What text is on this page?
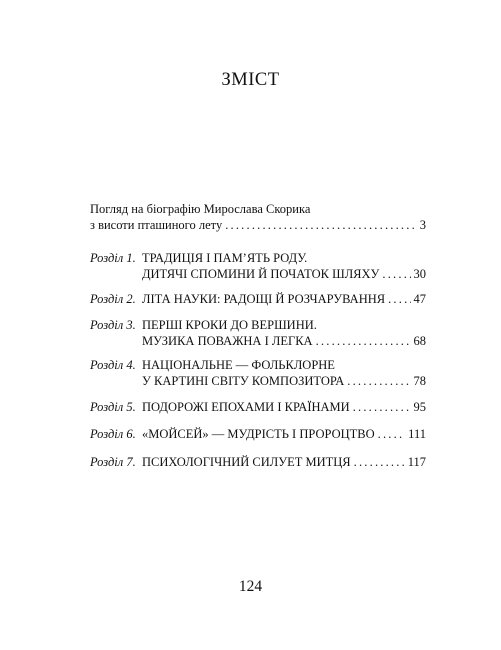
ЗМІСТ
Погляд на біографію Мирослава Скорика
з висоти пташиного лету .....	3
Розділ 1. ТРАДИЦІЯ І ПАМ’ЯТЬ РОДУ.
ДИТЯЧІ СПОМИНИ Й ПОЧАТОК ШЛЯХУ .....	30
Розділ 2. ЛІТА НАУКИ: РАДОЩІ Й РОЗЧАРУВАННЯ ..... 47
Розділ 3. ПЕРШІ КРОКИ ДО ВЕРШИНИ.
МУЗИКА ПОВАЖНА І ЛЕГКА .....	68
Розділ 4. НАЦІОНАЛЬНЕ — ФОЛЬКЛОРНЕ
У КАРТИНІ СВІТУ КОМПОЗИТОРА .....	78
Розділ 5. ПОДОРОЖІ ЕПОХАМИ І КРАЇНАМИ .....	95
Розділ 6. «МОЙСЕЙ» — МУДРІСТЬ І ПРОРОЦТВО .....	111
Розділ 7. ПСИХОЛОГІЧНИЙ СИЛУЕТ МИТЦЯ .....	117
124
